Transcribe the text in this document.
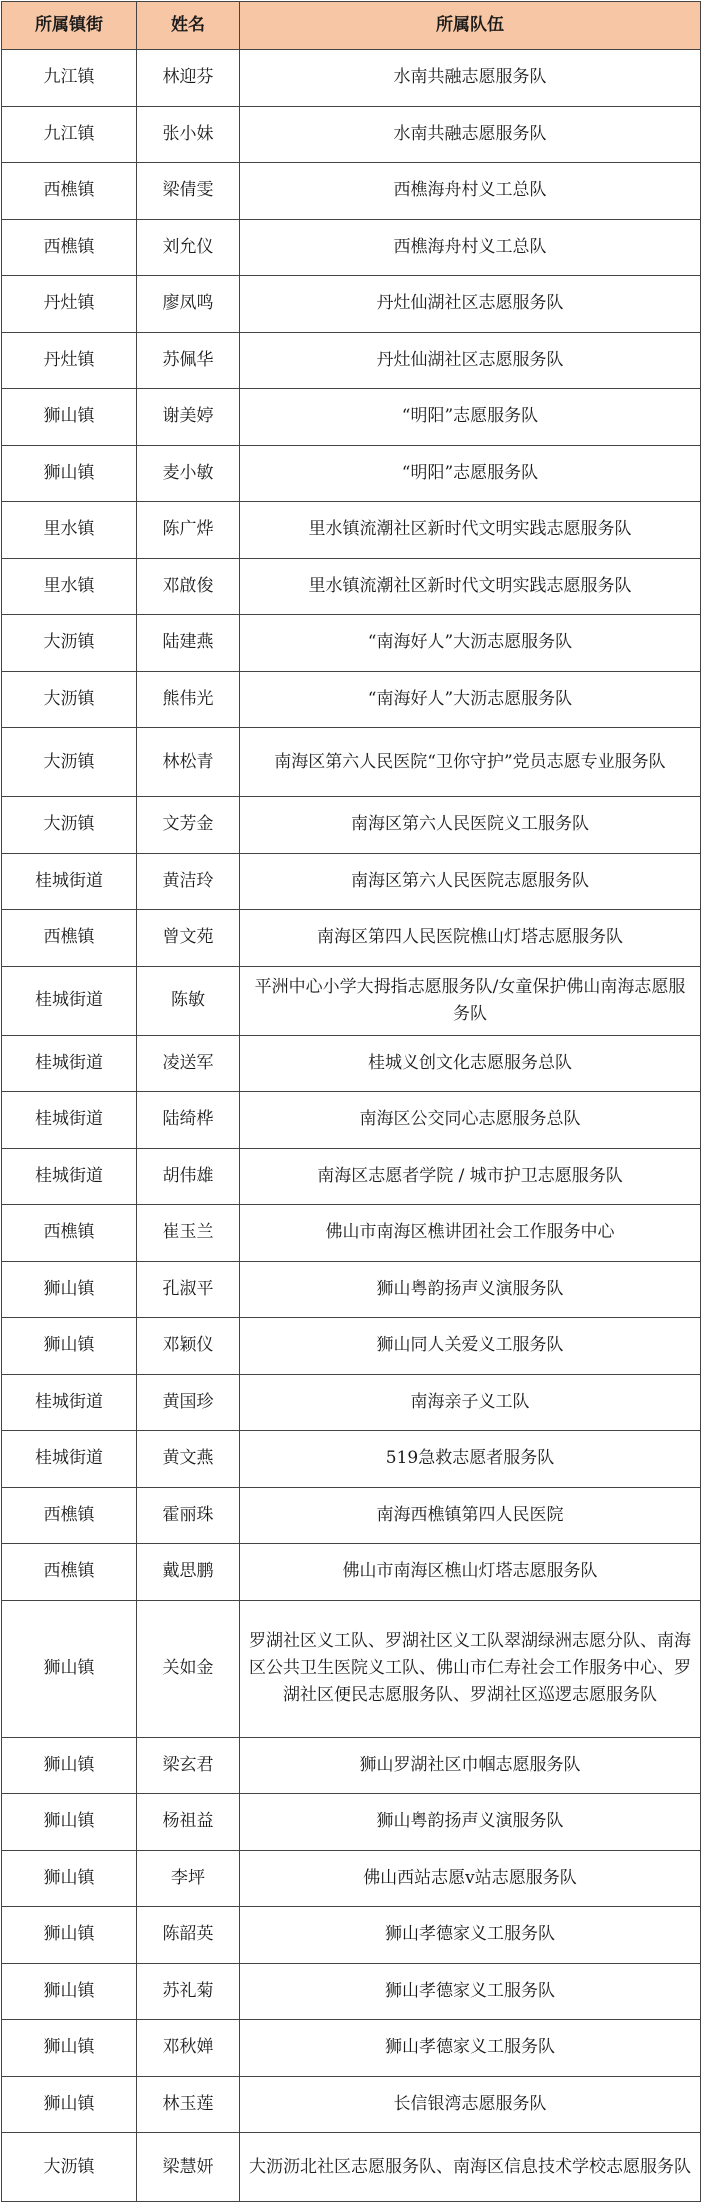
所属镇街	姓名	所属队伍
九江镇	林迎芬	水南共融志愿服务队
九江镇	张小妹	水南共融志愿服务队
西樵镇	梁倩雯	西樵海舟村义工总队
西樵镇	刘允仪	西樵海舟村义工总队
丹灶镇	廖凤鸣	丹灶仙湖社区志愿服务队
丹灶镇	苏佩华	丹灶仙湖社区志愿服务队
狮山镇	谢美婷	“明阳”志愿服务队
狮山镇	麦小敏	“明阳”志愿服务队
里水镇	陈广烨	里水镇流潮社区新时代文明实践志愿服务队
里水镇	邓啟俊	里水镇流潮社区新时代文明实践志愿服务队
大沥镇	陆建燕	“南海好人”大沥志愿服务队
大沥镇	熊伟光	“南海好人”大沥志愿服务队
大沥镇	林松青	南海区第六人民医院“卫你守护”党员志愿专业服务队
大沥镇	文芳金	南海区第六人民医院义工服务队
桂城街道	黄洁玲	南海区第六人民医院志愿服务队
西樵镇	曾文苑	南海区第四人民医院樵山灯塔志愿服务队
桂城街道	陈敏	平洲中心小学大拇指志愿服务队/女童保护佛山南海志愿服务队
桂城街道	凌送军	桂城义创文化志愿服务总队
桂城街道	陆绮桦	南海区公交同心志愿服务总队
桂城街道	胡伟雄	南海区志愿者学院 / 城市护卫志愿服务队
西樵镇	崔玉兰	佛山市南海区樵讲团社会工作服务中心
狮山镇	孔淑平	狮山粤韵扬声义演服务队
狮山镇	邓颖仪	狮山同人关爱义工服务队
桂城街道	黄国珍	南海亲子义工队
桂城街道	黄文燕	519急救志愿者服务队
西樵镇	霍丽珠	南海西樵镇第四人民医院
西樵镇	戴思鹏	佛山市南海区樵山灯塔志愿服务队
狮山镇	关如金	罗湖社区义工队、罗湖社区义工队翠湖绿洲志愿分队、南海区公共卫生医院义工队、佛山市仁寿社会工作服务中心、罗湖社区便民志愿服务队、罗湖社区巡逻志愿服务队
狮山镇	梁玄君	狮山罗湖社区巾帼志愿服务队
狮山镇	杨祖益	狮山粤韵扬声义演服务队
狮山镇	李坪	佛山西站志愿v站志愿服务队
狮山镇	陈韶英	狮山孝德家义工服务队
狮山镇	苏礼菊	狮山孝德家义工服务队
狮山镇	邓秋婵	狮山孝德家义工服务队
狮山镇	林玉莲	长信银湾志愿服务队
大沥镇	梁慧妍	大沥沥北社区志愿服务队、南海区信息技术学校志愿服务队
